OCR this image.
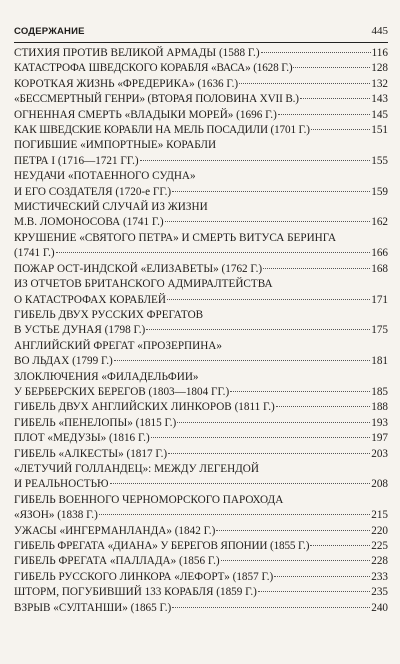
СОДЕРЖАНИЕ	445
СТИХИЯ ПРОТИВ ВЕЛИКОЙ АРМАДЫ (1588 Г.)	116
КАТАСТРОФА ШВЕДСКОГО КОРАБЛЯ «ВАСА» (1628 Г.)	128
КОРОТКАЯ ЖИЗНЬ «ФРЕДЕРИКА» (1636 Г.)	132
«БЕССМЕРТНЫЙ ГЕНРИ» (ВТОРАЯ ПОЛОВИНА XVII В.)	143
ОГНЕННАЯ СМЕРТЬ «ВЛАДЫКИ МОРЕЙ» (1696 Г.)	145
КАК ШВЕДСКИЕ КОРАБЛИ НА МЕЛЬ ПОСАДИЛИ (1701 Г.)	151
ПОГИБШИЕ «ИМПОРТНЫЕ» КОРАБЛИ
ПЕТРА I (1716—1721 ГГ.)	155
НЕУДАЧИ «ПОТАЕННОГО СУДНА»
И ЕГО СОЗДАТЕЛЯ (1720-е ГГ.)	159
МИСТИЧЕСКИЙ СЛУЧАЙ ИЗ ЖИЗНИ
М.В. ЛОМОНОСОВА (1741 Г.)	162
КРУШЕНИЕ «СВЯТОГО ПЕТРА» И СМЕРТЬ ВИТУСА БЕРИНГА
(1741 Г.)	166
ПОЖАР ОСТ-ИНДСКОЙ «ЕЛИЗАВЕТЫ» (1762 Г.)	168
ИЗ ОТЧЕТОВ БРИТАНСКОГО АДМИРАЛТЕЙСТВА
О КАТАСТРОФАХ КОРАБЛЕЙ	171
ГИБЕЛЬ ДВУХ РУССКИХ ФРЕГАТОВ
В УСТЬЕ ДУНАЯ (1798 Г.)	175
АНГЛИЙСКИЙ ФРЕГАТ «ПРОЗЕРПИНА»
ВО ЛЬДАХ (1799 Г.)	181
ЗЛОКЛЮЧЕНИЯ «ФИЛАДЕЛЬФИИ»
У БЕРБЕРСКИХ БЕРЕГОВ (1803—1804 ГГ.)	185
ГИБЕЛЬ ДВУХ АНГЛИЙСКИХ ЛИНКОРОВ (1811 Г.)	188
ГИБЕЛЬ «ПЕНЕЛОПЫ» (1815 Г.)	193
ПЛОТ «МЕДУЗЫ» (1816 Г.)	197
ГИБЕЛЬ «АЛКЕСТЫ» (1817 Г.)	203
«ЛЕТУЧИЙ ГОЛЛАНДЕЦ»: МЕЖДУ ЛЕГЕНДОЙ
И РЕАЛЬНОСТЬЮ	208
ГИБЕЛЬ ВОЕННОГО ЧЕРНОМОРСКОГО ПАРОХОДА
«ЯЗОН» (1838 Г.)	215
УЖАСЫ «ИНГЕРМАНЛАНДА» (1842 Г.)	220
ГИБЕЛЬ ФРЕГАТА «ДИАНА» У БЕРЕГОВ ЯПОНИИ (1855 Г.)	225
ГИБЕЛЬ ФРЕГАТА «ПАЛЛАДА» (1856 Г.)	228
ГИБЕЛЬ РУССКОГО ЛИНКОРА «ЛЕФОРТ» (1857 Г.)	233
ШТОРМ, ПОГУБИВШИЙ 133 КОРАБЛЯ (1859 Г.)	235
ВЗРЫВ «СУЛТАНШИ» (1865 Г.)	240
